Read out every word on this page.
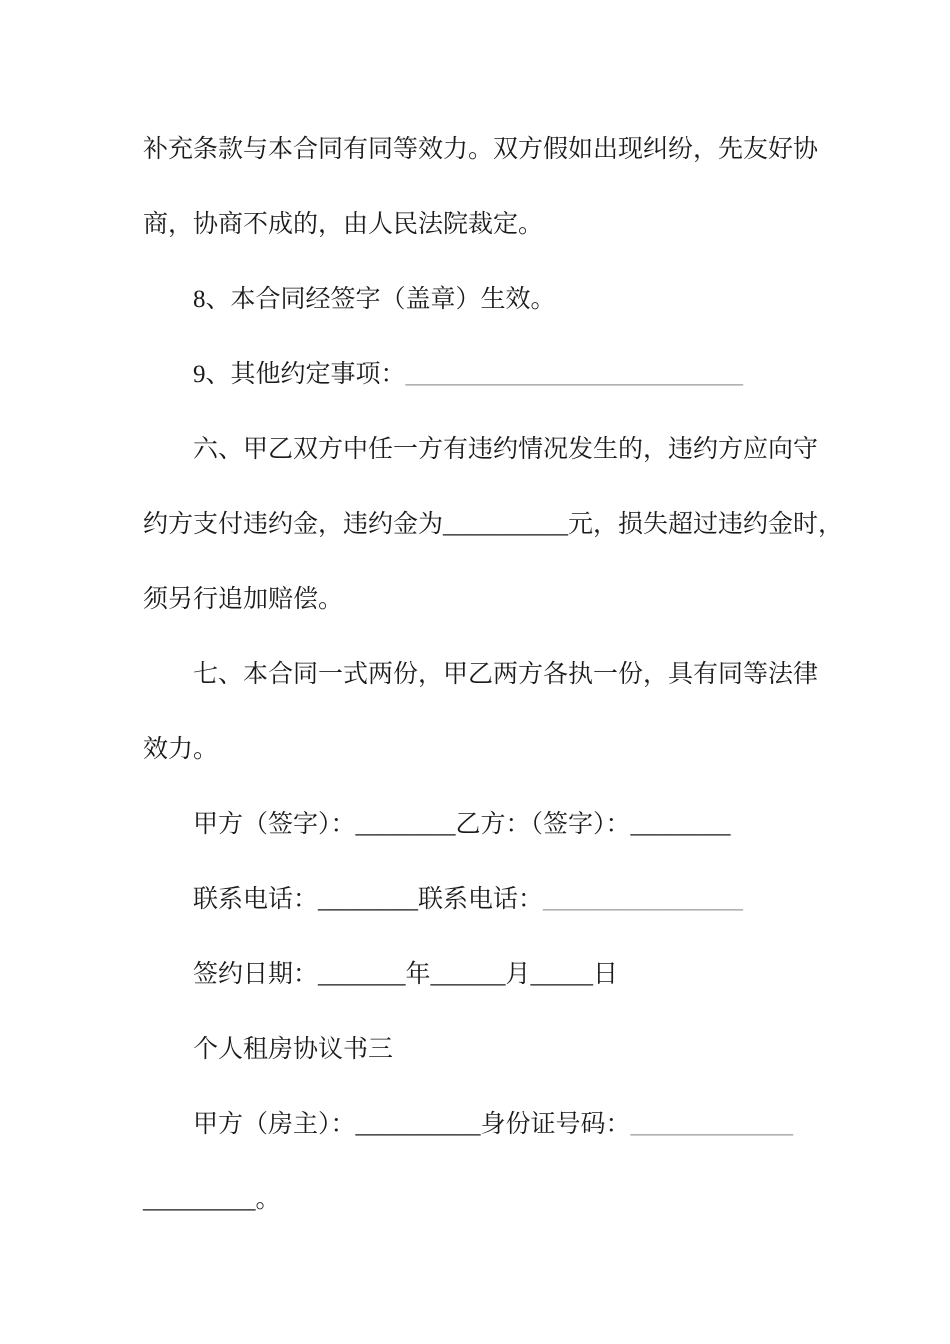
补充条款与本合同有同等效力。双方假如出现纠纷，先友好协
商，协商不成的，由人民法院裁定。
8、本合同经签字（盖章）生效。
9、其他约定事项：___________________________
六、甲乙双方中任一方有违约情况发生的，违约方应向守
约方支付违约金，违约金为__________元，损失超过违约金时，
须另行追加赔偿。
七、本合同一式两份，甲乙两方各执一份，具有同等法律
效力。
甲方（签字）：________乙方：（签字）：________
联系电话：________联系电话：________________
签约日期：_______年______月_____日
个人租房协议书三
甲方（房主）：__________身份证号码：_____________
_________。
